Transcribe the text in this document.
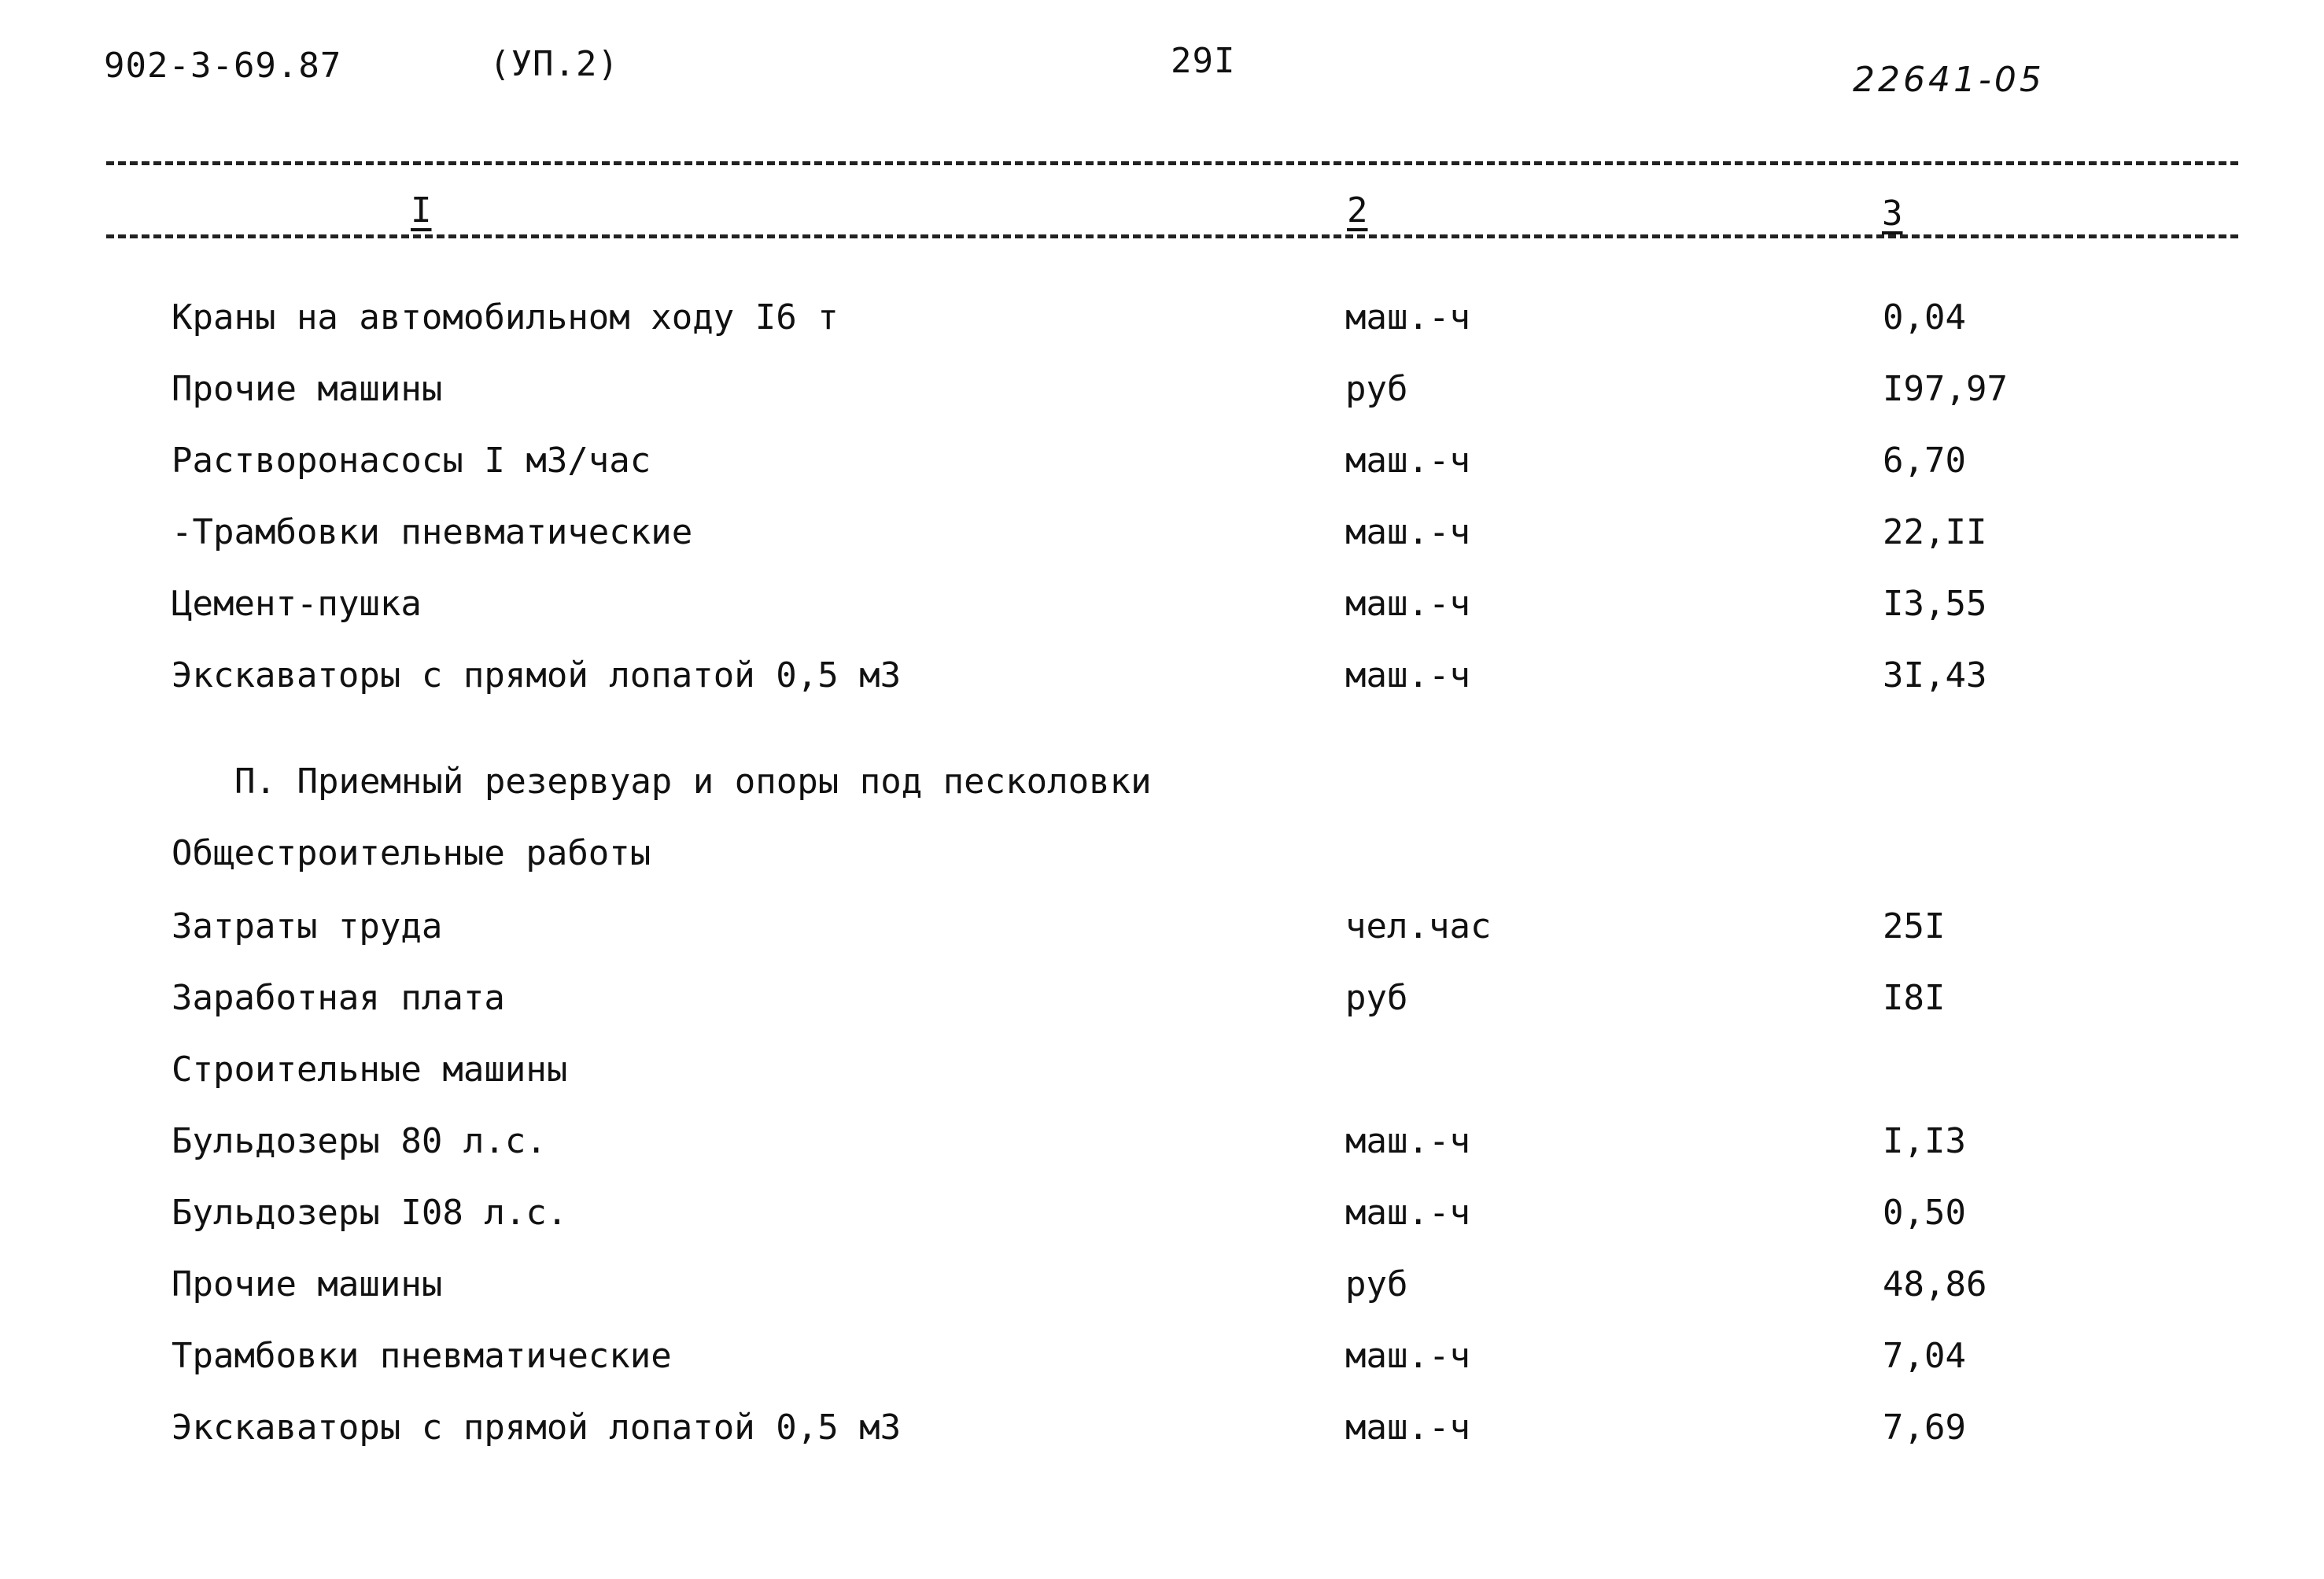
902-3-69.87	(УП.2)	29I	22641-05
I	2	3
Краны на автомобильном ходу I6 т	маш.-ч	0,04
Прочие машины	руб	I97,97
Растворонасосы I м3/час	маш.-ч	6,70
-Трамбовки пневматические	маш.-ч	22,II
Цемент-пушка	маш.-ч	I3,55
Экскаваторы с прямой лопатой 0,5 м3	маш.-ч	3I,43
П. Приемный резервуар и опоры под песколовки
Общестроительные работы
Затраты труда	чел.час	25I
Заработная плата	руб	I8I
Строительные машины
Бульдозеры 80 л.с.	маш.-ч	I,I3
Бульдозеры I08 л.с.	маш.-ч	0,50
Прочие машины	руб	48,86
Трамбовки пневматические	маш.-ч	7,04
Экскаваторы с прямой лопатой 0,5 м3	маш.-ч	7,69
